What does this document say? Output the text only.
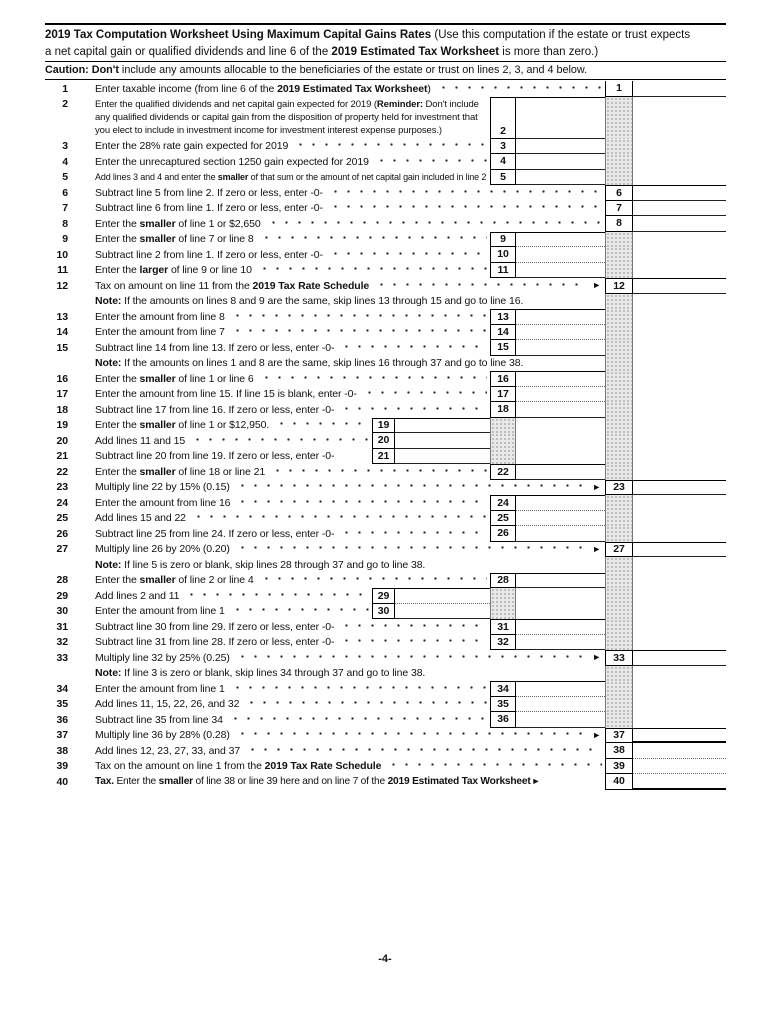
2019 Tax Computation Worksheet Using Maximum Capital Gains Rates (Use this computation if the estate or trust expects
a net capital gain or qualified dividends and line 6 of the 2019 Estimated Tax Worksheet is more than zero.)
Caution: Don't include any amounts allocable to the beneficiaries of the estate or trust on lines 2, 3, and 4 below.
1	Enter taxable income (from line 6 of the 2019 Estimated Tax Worksheet)	1
2	Enter the qualified dividends and net capital gain expected for 2019 (Reminder: Don't include any qualified dividends or capital gain from the disposition of property held for investment that you elect to include in investment income for investment interest expense purposes.)	2
3	Enter the 28% rate gain expected for 2019	3
4	Enter the unrecaptured section 1250 gain expected for 2019	4
5	Add lines 3 and 4 and enter the smaller of that sum or the amount of net capital gain included in line 2	5
6	Subtract line 5 from line 2. If zero or less, enter -0-	6
7	Subtract line 6 from line 1. If zero or less, enter -0-	7
8	Enter the smaller of line 1 or $2,650	8
9	Enter the smaller of line 7 or line 8	9
10	Subtract line 2 from line 1. If zero or less, enter -0-	10
11	Enter the larger of line 9 or line 10	11
12	Tax on amount on line 11 from the 2019 Tax Rate Schedule	►	12
Note: If the amounts on lines 8 and 9 are the same, skip lines 13 through 15 and go to line 16.
13	Enter the amount from line 8	13
14	Enter the amount from line 7	14
15	Subtract line 14 from line 13. If zero or less, enter -0-	15
Note: If the amounts on lines 1 and 8 are the same, skip lines 16 through 37 and go to line 38.
16	Enter the smaller of line 1 or line 6	16
17	Enter the amount from line 15. If line 15 is blank, enter -0-	17
18	Subtract line 17 from line 16. If zero or less, enter -0-	18
19	Enter the smaller of line 1 or $12,950.	19
20	Add lines 11 and 15	20
21	Subtract line 20 from line 19. If zero or less, enter -0-	21
22	Enter the smaller of line 18 or line 21	22
23	Multiply line 22 by 15% (0.15)	►	23
24	Enter the amount from line 16	24
25	Add lines 15 and 22	25
26	Subtract line 25 from line 24. If zero or less, enter -0-	26
27	Multiply line 26 by 20% (0.20)	►	27
Note: If line 5 is zero or blank, skip lines 28 through 37 and go to line 38.
28	Enter the smaller of line 2 or line 4	28
29	Add lines 2 and 11	29
30	Enter the amount from line 1	30
31	Subtract line 30 from line 29. If zero or less, enter -0-	31
32	Subtract line 31 from line 28. If zero or less, enter -0-	32
33	Multiply line 32 by 25% (0.25)	►	33
Note: If line 3 is zero or blank, skip lines 34 through 37 and go to line 38.
34	Enter the amount from line 1	34
35	Add lines 11, 15, 22, 26, and 32	35
36	Subtract line 35 from line 34	36
37	Multiply line 36 by 28% (0.28)	►	37
38	Add lines 12, 23, 27, 33, and 37	38
39	Tax on the amount on line 1 from the 2019 Tax Rate Schedule	39
40	Tax. Enter the smaller of line 38 or line 39 here and on line 7 of the 2019 Estimated Tax Worksheet ►	40
-4-
